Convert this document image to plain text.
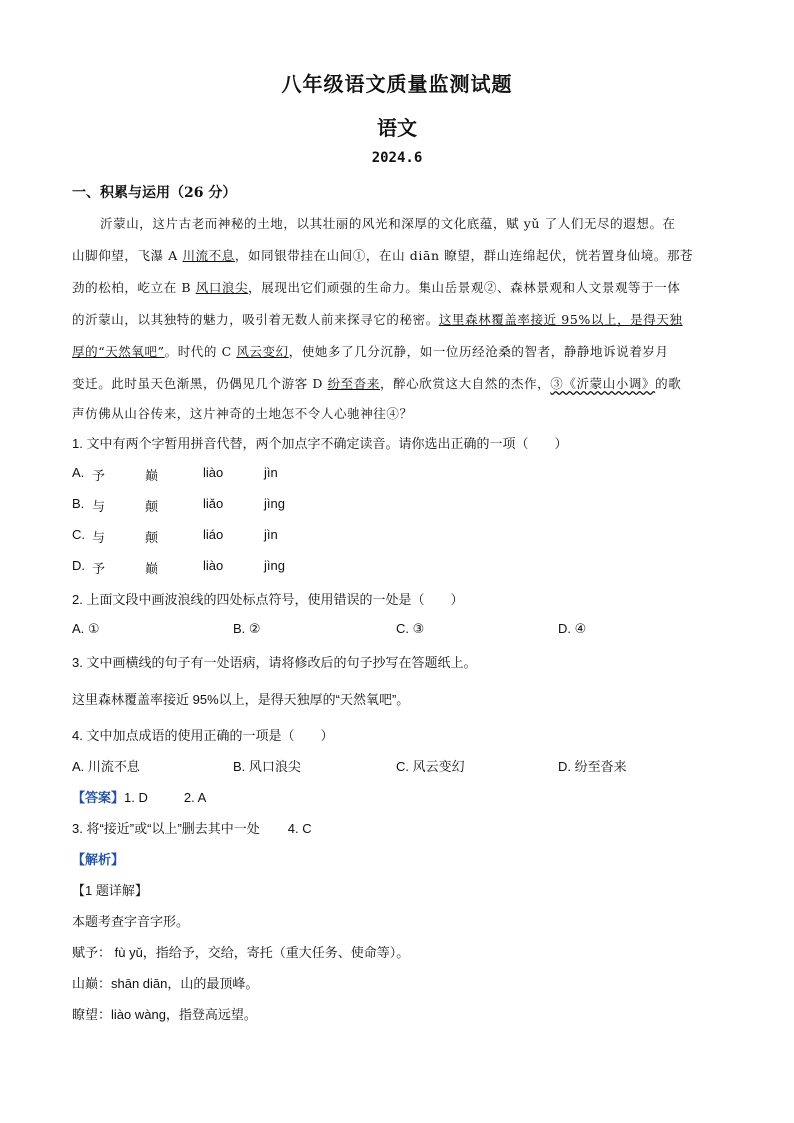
八年级语文质量监测试题
语文
2024.6
一、积累与运用（26 分）
沂蒙山，这片古老而神秘的土地，以其壮丽的风光和深厚的文化底蕴，赋 yǔ 了人们无尽的遐想。在
山脚仰望，飞瀑 A 川流不息，如同银带挂在山间①，在山 diān 瞭望，群山连绵起伏，恍若置身仙境。那苍
劲的松柏，屹立在 B 风口浪尖，展现出它们顽强的生命力。集山岳景观②、森林景观和人文景观等于一体
的沂蒙山，以其独特的魅力，吸引着无数人前来探寻它的秘密。这里森林覆盖率接近 95%以上，是得天独
厚的“天然氧吧”。时代的 C 风云变幻，使她多了几分沉静，如一位历经沧桑的智者，静静地诉说着岁月
变迁。此时虽天色渐黑，仍偶见几个游客 D 纷至沓来，醉心欣赏这大自然的杰作，③《沂蒙山小调》的歌
声仿佛从山谷传来，这片神奇的土地怎不令人心驰神往④？
1. 文中有两个字暂用拼音代替，两个加点字不确定读音。请你选出正确的一项（　　）
A. 予	巅	liào	jìn
B. 与	颠	liǎo	jìng
C. 与	颠	liáo	jìn
D. 予	巅	liào	jìng
2. 上面文段中画波浪线的四处标点符号，使用错误的一处是（　　）
A. ①	B. ②	C. ③	D. ④
3. 文中画横线的句子有一处语病，请将修改后的句子抄写在答题纸上。
这里森林覆盖率接近 95%以上，是得天独厚的“天然氧吧”。
4. 文中加点成语的使用正确的一项是（　　）
A. 川流不息	B. 风口浪尖	C. 风云变幻	D. 纷至沓来
【答案】1. D	2. A
3. 将“接近”或“以上”删去其中一处 4. C
【解析】
【1 题详解】
本题考查字音字形。
赋予： fù yǔ，指给予，交给，寄托（重大任务、使命等）。
山巅：shān diān，山的最顶峰。
瞭望：liào wàng，指登高远望。
